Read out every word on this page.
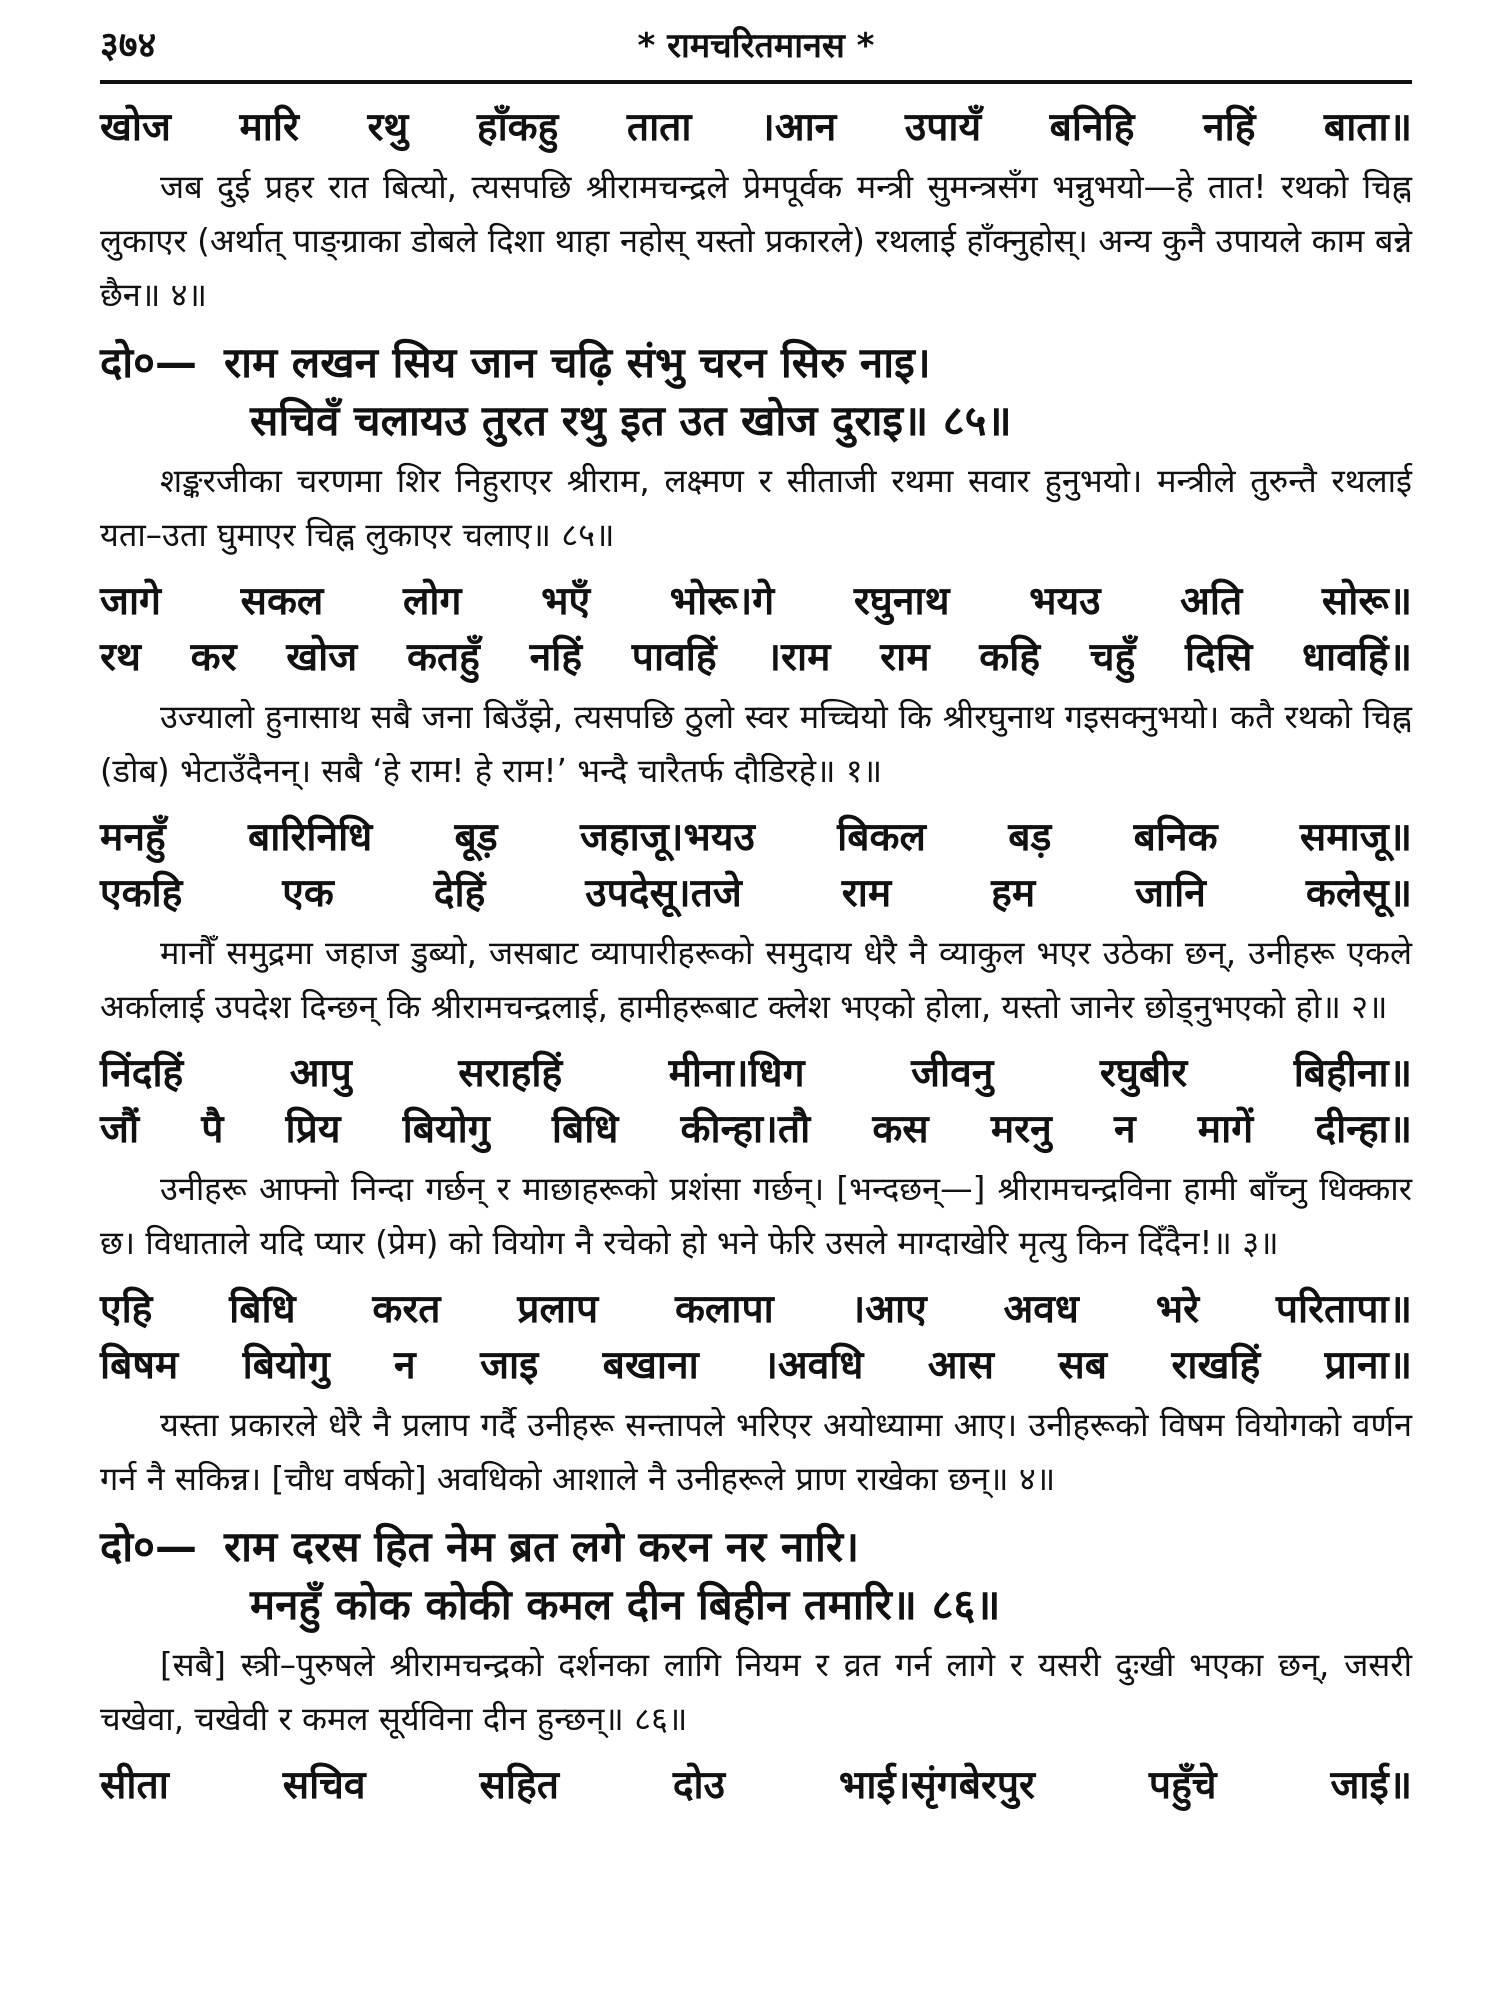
३७४	* रामचरितमानस *
खोज मारि रथु हाँकहु ताता ।आन उपायँ बनिहि नहिं बाता॥

जब दुई प्रहर रात बित्यो, त्यसपछि श्रीरामचन्द्रले प्रेमपूर्वक मन्त्री सुमन्त्रसँग भन्नुभयो—हे तात! रथको चिह्न लुकाएर (अर्थात् पाङ्ग्राका डोबले दिशा थाहा नहोस् यस्तो प्रकारले) रथलाई हाँक्नुहोस्। अन्य कुनै उपायले काम बन्ने छैन॥ ४॥

दो०— राम लखन सिय जान चढ़ि संभु चरन सिरु नाइ।
सचिवँ चलायउ तुरत रथु इत उत खोज दुराइ॥ ८५॥

शङ्करजीका चरणमा शिर निहुराएर श्रीराम, लक्ष्मण र सीताजी रथमा सवार हुनुभयो। मन्त्रीले तुरुन्तै रथलाई यता–उता घुमाएर चिह्न लुकाएर चलाए॥ ८५॥

जागे सकल लोग भएँ भोरू।गे रघुनाथ भयउ अति सोरू॥
रथ कर खोज कतहुँ नहिं पावहिं ।राम राम कहि चहुँ दिसि धावहिं॥

उज्यालो हुनासाथ सबै जना बिउँझे, त्यसपछि ठुलो स्वर मच्चियो कि श्रीरघुनाथ गइसक्नुभयो। कतै रथको चिह्न (डोब) भेटाउँदैनन्। सबै ‘हे राम! हे राम!’ भन्दै चारैतर्फ दौडिरहे॥ १॥

मनहुँ बारिनिधि बूड़ जहाजू।भयउ बिकल बड़ बनिक समाजू॥
एकहि एक देहिं उपदेसू।तजे राम हम जानि कलेसू॥

मानौँ समुद्रमा जहाज डुब्यो, जसबाट व्यापारीहरूको समुदाय धेरै नै व्याकुल भएर उठेका छन्, उनीहरू एकले अर्कालाई उपदेश दिन्छन् कि श्रीरामचन्द्रलाई, हामीहरूबाट क्लेश भएको होला, यस्तो जानेर छोड्नुभएको हो॥ २॥

निंदहिं आपु सराहहिं मीना।धिग जीवनु रघुबीर बिहीना॥
जौं पै प्रिय बियोगु बिधि कीन्हा।तौ कस मरनु न मागें दीन्हा॥

उनीहरू आफ्नो निन्दा गर्छन् र माछाहरूको प्रशंसा गर्छन्। [भन्दछन्—] श्रीरामचन्द्रविना हामी बाँच्नु धिक्कार छ। विधाताले यदि प्यार (प्रेम) को वियोग नै रचेको हो भने फेरि उसले माग्दाखेरि मृत्यु किन दिँदैन!॥ ३॥

एहि बिधि करत प्रलाप कलापा ।आए अवध भरे परितापा॥
बिषम बियोगु न जाइ बखाना ।अवधि आस सब राखहिं प्राना॥

यस्ता प्रकारले धेरै नै प्रलाप गर्दै उनीहरू सन्तापले भरिएर अयोध्यामा आए। उनीहरूको विषम वियोगको वर्णन गर्न नै सकिन्न। [चौध वर्षको] अवधिको आशाले नै उनीहरूले प्राण राखेका छन्॥ ४॥

दो०— राम दरस हित नेम ब्रत लगे करन नर नारि।
मनहुँ कोक कोकी कमल दीन बिहीन तमारि॥ ८६॥

[सबै] स्त्री–पुरुषले श्रीरामचन्द्रको दर्शनका लागि नियम र व्रत गर्न लागे र यसरी दुःखी भएका छन्, जसरी चखेवा, चखेवी र कमल सूर्यविना दीन हुन्छन्॥ ८६॥

सीता सचिव सहित दोउ भाई।सृंगबेरपुर पहुँचे जाई॥
